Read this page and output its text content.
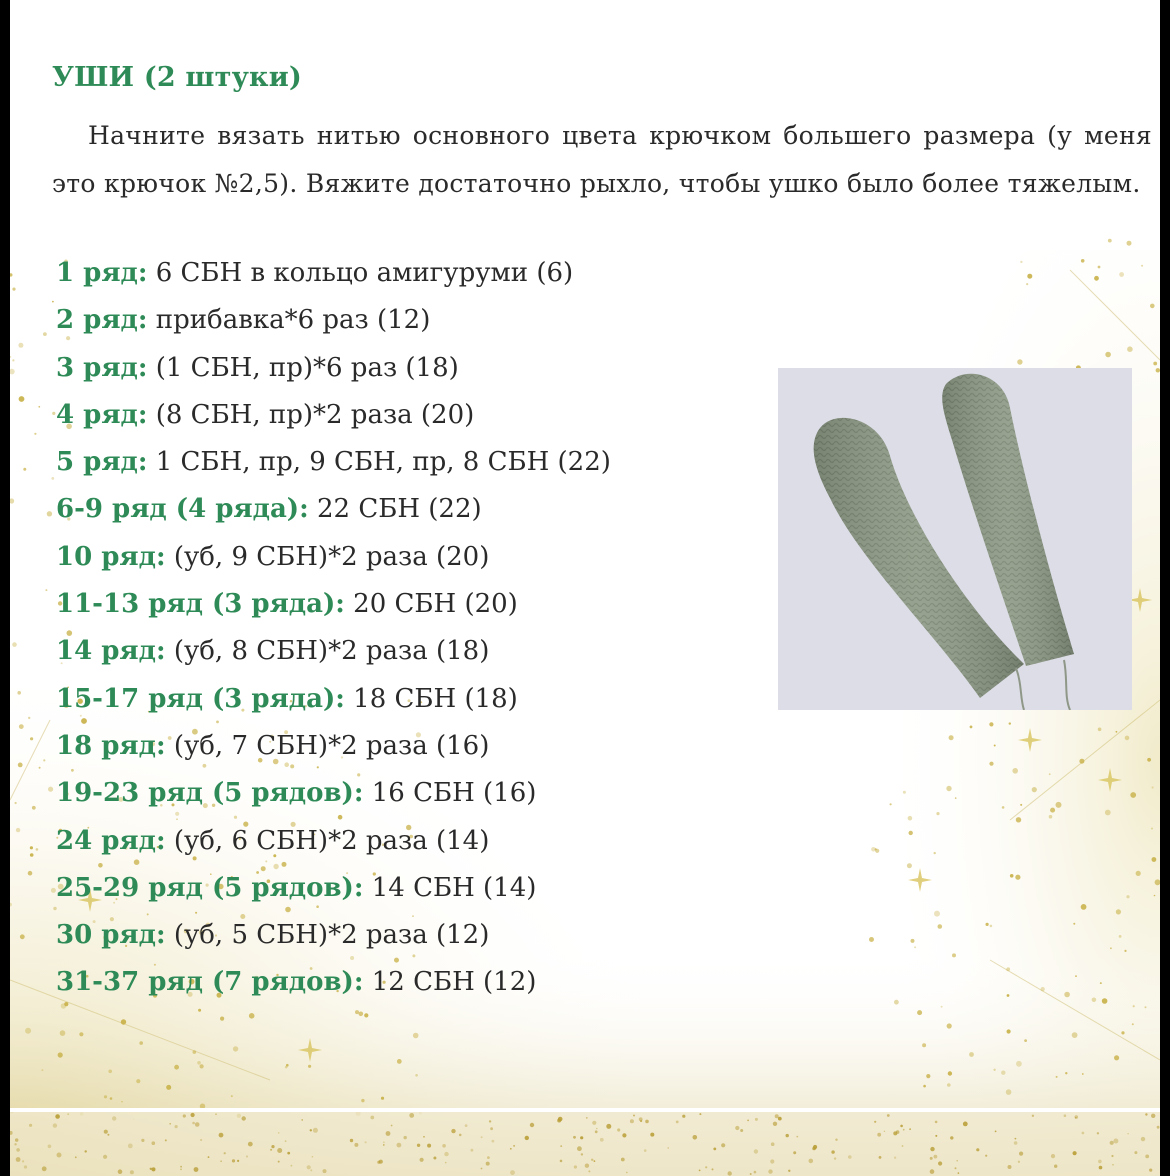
УШИ (2 штуки)

Начните вязать нитью основного цвета крючком большего размера (у меня это крючок №2,5). Вяжите достаточно рыхло, чтобы ушко было более тяжелым.

1 ряд: 6 СБН в кольцо амигуруми (6)
2 ряд: прибавка*6 раз (12)
3 ряд: (1 СБН, пр)*6 раз (18)
4 ряд: (8 СБН, пр)*2 раза (20)
5 ряд: 1 СБН, пр, 9 СБН, пр, 8 СБН (22)
6-9 ряд (4 ряда): 22 СБН (22)
10 ряд: (уб, 9 СБН)*2 раза (20)
11-13 ряд (3 ряда): 20 СБН (20)
14 ряд: (уб, 8 СБН)*2 раза (18)
15-17 ряд (3 ряда): 18 СБН (18)
18 ряд: (уб, 7 СБН)*2 раза (16)
19-23 ряд (5 рядов): 16 СБН (16)
24 ряд: (уб, 6 СБН)*2 раза (14)
25-29 ряд (5 рядов): 14 СБН (14)
30 ряд: (уб, 5 СБН)*2 раза (12)
31-37 ряд (7 рядов): 12 СБН (12)
